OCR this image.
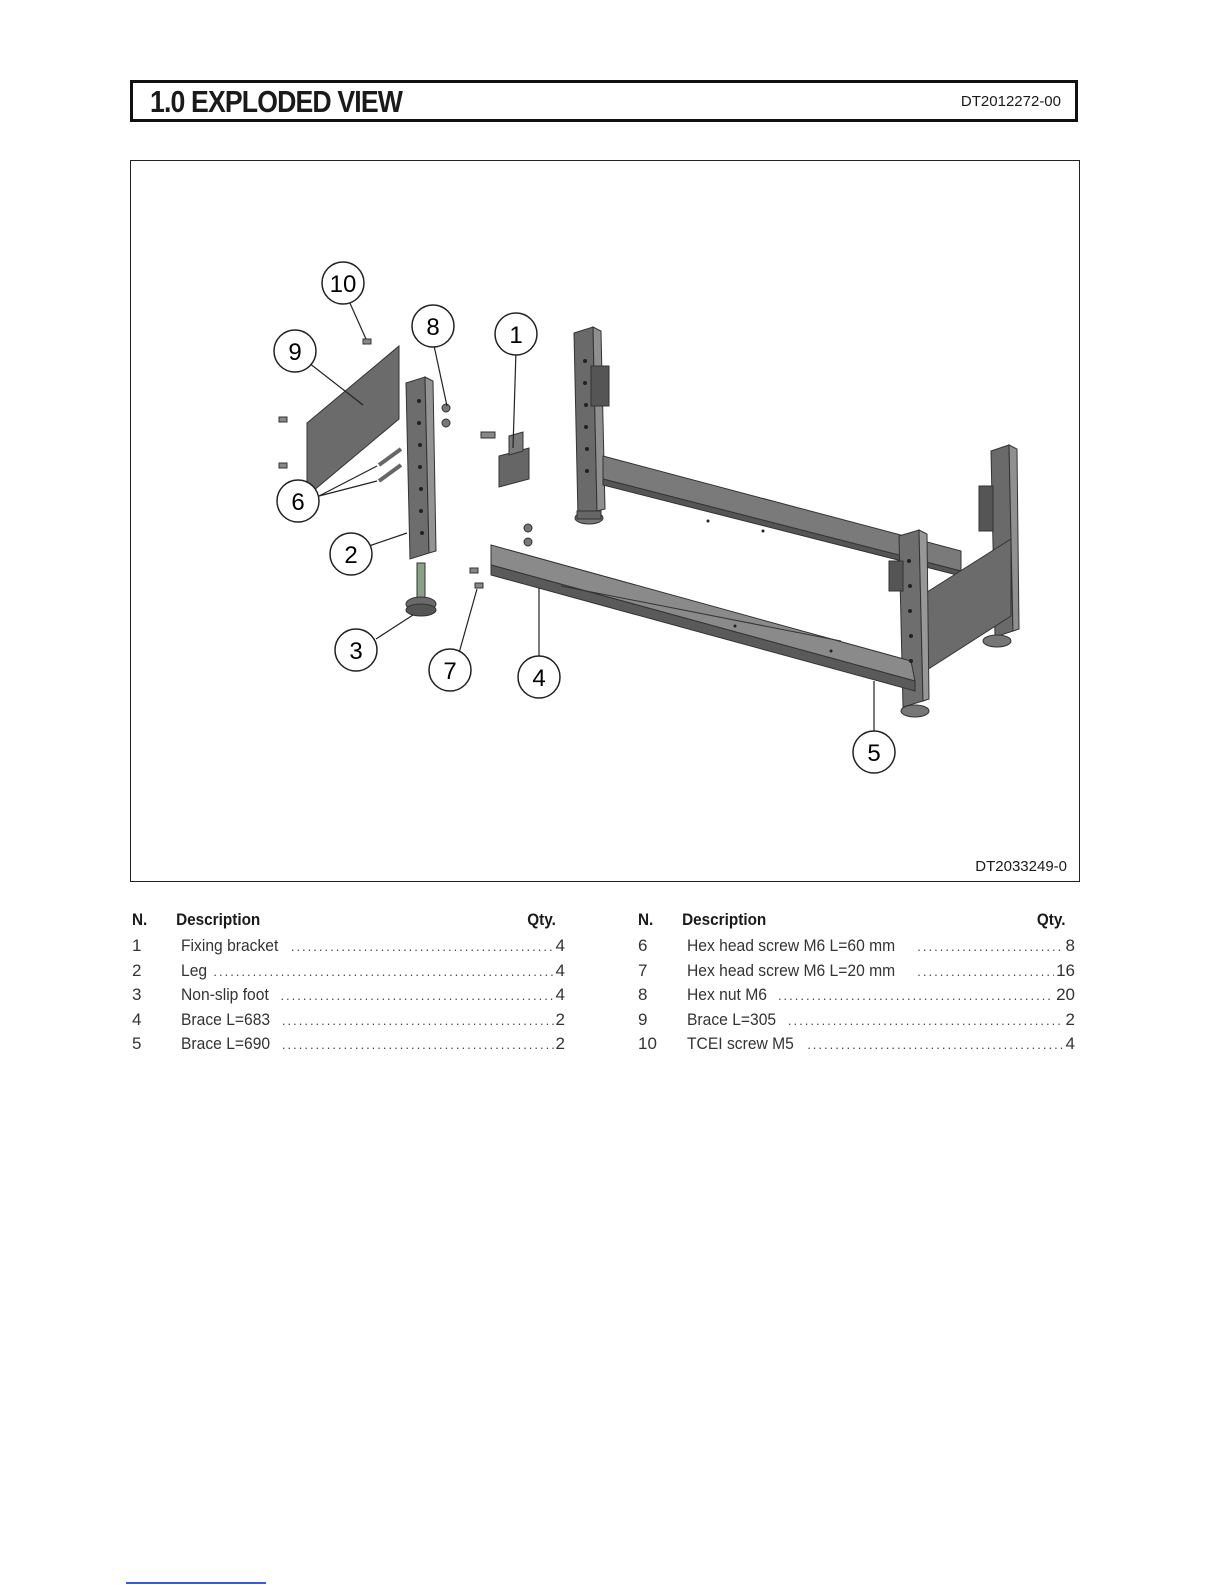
1.0 EXPLODED VIEW	DT2012272-00
10
9
8	1
6
2
3
7	4
5
DT2033249-0
N. Description	Qty.
1	Fixing bracket .....	4
2	Leg .....	4
3	Non-slip foot .....	4
4	Brace L=683 .....	2
5	Brace L=690 .....	2
N. Description	Qty.
6	Hex head screw M6 L=60 mm .....	8
7	Hex head screw M6 L=20 mm .....	16
8	Hex nut M6 .....	20
9	Brace L=305 .....	2
10	TCEI screw M5 .....	4
